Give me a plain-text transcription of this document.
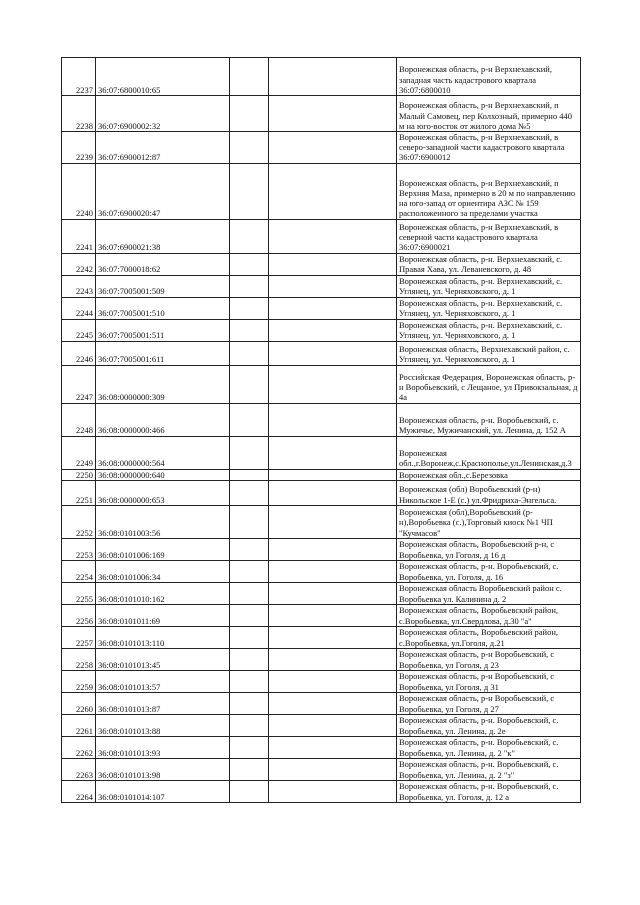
2237	36:07:6800010:65			Воронежская область, р-н Верхнехавский, западная часть кадастрового квартала 36:07:6800010
2238	36:07:6900002:32			Воронежская область, р-н Верхнехавский, п Малый Самовец, пер Колхозный, примерно 440 м на юго-восток от жилого дома №5
2239	36:07:6900012:87			Воронежская область, р-н Верхнехавский, в северо-западной части кадастрового квартала 36:07:6900012
2240	36:07:6900020:47			Воронежская область, р-н Верхнехавский, п Верхняя Маза, примерно в 20 м по направлению на юго-запад от ориентира АЗС № 159 расположенного за пределами участка
2241	36:07:6900021:38			Воронежская область, р-н Верхнехавский, в северной части кадастрового квартала 36:07:6900021
2242	36:07:7000018:62			Воронежская область, р-н. Верхнехавский, с. Правая Хава, ул. Леваневского, д. 48
2243	36:07:7005001:509			Воронежская область, р-н. Верхнехавский, с. Углянец, ул. Черняховского, д. 1
2244	36:07:7005001:510			Воронежская область, р-н. Верхнехавский, с. Углянец, ул. Черняховского, д. 1
2245	36:07:7005001:511			Воронежская область, р-н. Верхнехавский, с. Углянец, ул. Черняховского, д. 1
2246	36:07:7005001:611			Воронежская область, Верхнехавский район, с. Углянец, ул. Черняховского, д. 1
2247	36:08:0000000:309			Российская Федерация, Воронежская область, р-н Воробьевский, с Лещаное, ул Привокзальная, д 4а
2248	36:08:0000000:466			Воронежская область, р-н. Воробьевский, с. Мужичье, Мужичанский, ул. Ленина, д. 152 А
2249	36:08:0000000:564			Воронежская обл.,г.Воронеж,с.Краснополье,ул.Ленинская,д.3
2250	36:08:0000000:640			Воронежская обл.,с.Березовка
2251	36:08:0000000:653			Воронежская (обл) Воробьевский (р-н) Никольское 1-Е (с.) ул.Фридриха-Энгельса.
2252	36:08:0101003:56			Воронежская (обл),Воробьевский (р-н),Воробьевка (с.),Торговый киоск №1 ЧП "Кучмасов"
2253	36:08:0101006:169			Воронежская область, Воробьевский р-н, с Воробьевка, ул Гоголя, д 16 д
2254	36:08:0101006:34			Воронежская область, р-н. Воробьевский, с. Воробьевка, ул. Гоголя, д. 16
2255	36:08:0101010:162			Воронежская область Воробьевский район с. Воробьевка ул. Калинина д. 2
2256	36:08:0101011:69			Воронежская область, Воробьевский район, с.Воробьевка, ул.Свердлова, д.30 "а"
2257	36:08:0101013:110			Воронежская область, Воробьевский район, с.Воробьевка, ул.Гоголя, д.21
2258	36:08:0101013:45			Воронежская область, р-н Воробьевский, с Воробьевка, ул Гоголя, д 23
2259	36:08:0101013:57			Воронежская область, р-н Воробьевский, с Воробьевка, ул Гоголя, д 31
2260	36:08:0101013:87			Воронежская область, р-н Воробьевский, с Воробьевка, ул Гоголя, д 27
2261	36:08:0101013:88			Воронежская область, р-н. Воробьевский, с. Воробьевка, ул. Ленина, д. 2е
2262	36:08:0101013:93			Воронежская область, р-н. Воробьевский, с. Воробьевка, ул. Ленина, д. 2 "к"
2263	36:08:0101013:98			Воронежская область, р-н. Воробьевский, с. Воробьевка, ул. Ленина, д. 2 "з"
2264	36:08:0101014:107			Воронежская область, р-н. Воробьевский, с. Воробьевка, ул. Гоголя, д. 12 а
